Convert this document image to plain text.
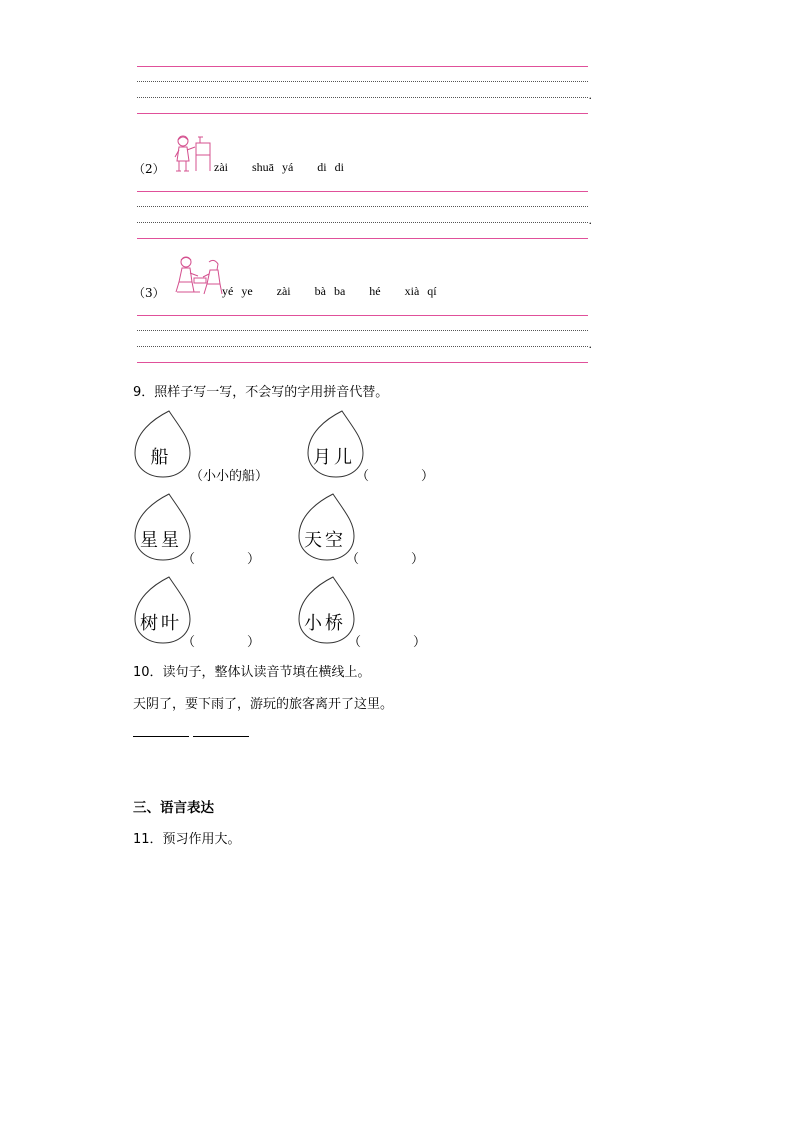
.
（2）	zài   shuā yá   di di
.
（3）	yé ye   zài   bà ba   hé   xià qí
.
9．照样子写一写，不会写的字用拼音代替。
船
（小小的船）
月儿
（　　　　）
星星
（　　　　）
天空
（　　　　）
树叶
（　　　　）
小桥
（　　　　）
10．读句子，整体认读音节填在横线上。
天阴了，要下雨了，游玩的旅客离开了这里。
三、语言表达
11．预习作用大。
